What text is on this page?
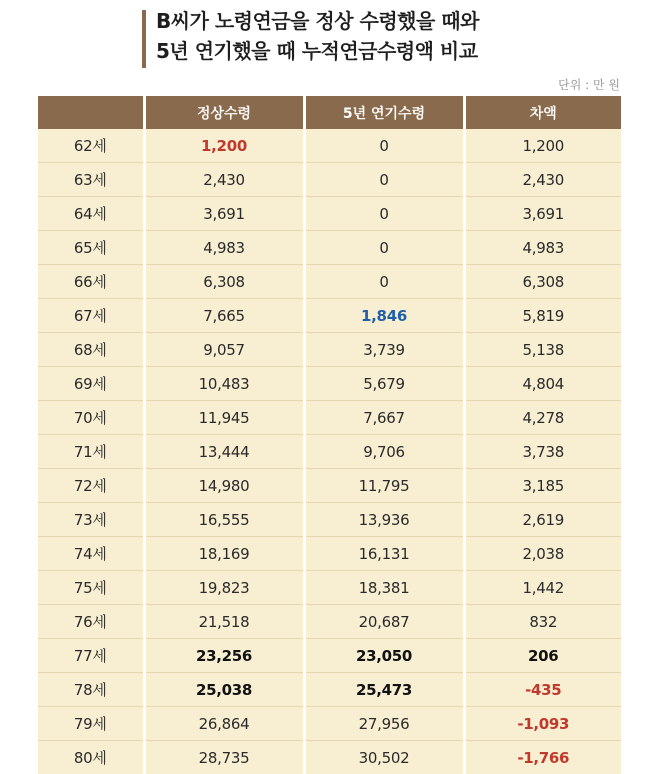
B씨가 노령연금을 정상 수령했을 때와
5년 연기했을 때 누적연금수령액 비교
단위 : 만 원
	정상수령	5년 연기수령	차액
62세	1,200	0	1,200
63세	2,430	0	2,430
64세	3,691	0	3,691
65세	4,983	0	4,983
66세	6,308	0	6,308
67세	7,665	1,846	5,819
68세	9,057	3,739	5,138
69세	10,483	5,679	4,804
70세	11,945	7,667	4,278
71세	13,444	9,706	3,738
72세	14,980	11,795	3,185
73세	16,555	13,936	2,619
74세	18,169	16,131	2,038
75세	19,823	18,381	1,442
76세	21,518	20,687	832
77세	23,256	23,050	206
78세	25,038	25,473	-435
79세	26,864	27,956	-1,093
80세	28,735	30,502	-1,766
